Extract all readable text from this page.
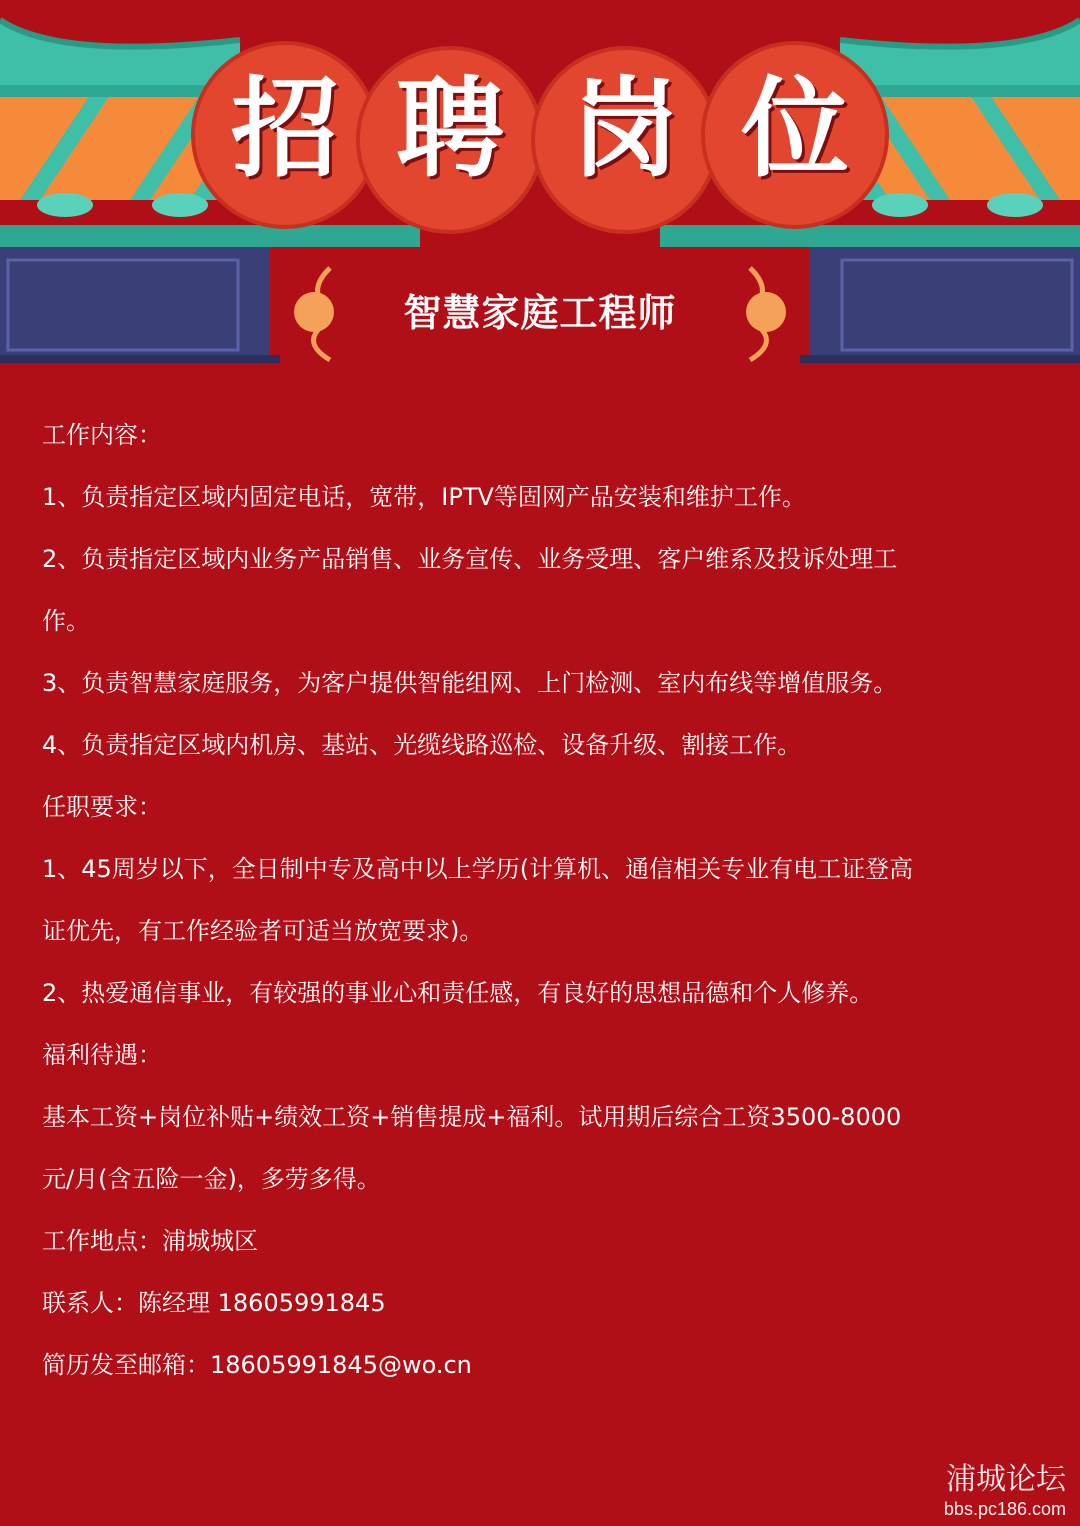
招 聘 岗 位
智慧家庭工程师
工作内容：
1、负责指定区域内固定电话，宽带，IPTV等固网产品安装和维护工作。
2、负责指定区域内业务产品销售、业务宣传、业务受理、客户维系及投诉处理工
作。
3、负责智慧家庭服务，为客户提供智能组网、上门检测、室内布线等增值服务。
4、负责指定区域内机房、基站、光缆线路巡检、设备升级、割接工作。
任职要求：
1、45周岁以下，全日制中专及高中以上学历(计算机、通信相关专业有电工证登高
证优先，有工作经验者可适当放宽要求)。
2、热爱通信事业，有较强的事业心和责任感，有良好的思想品德和个人修养。
福利待遇：
基本工资+岗位补贴+绩效工资+销售提成+福利。试用期后综合工资3500-8000
元/月(含五险一金)，多劳多得。
工作地点：浦城城区
联系人：陈经理 18605991845
简历发至邮箱：18605991845@wo.cn
浦城论坛
bbs.pc186.com
